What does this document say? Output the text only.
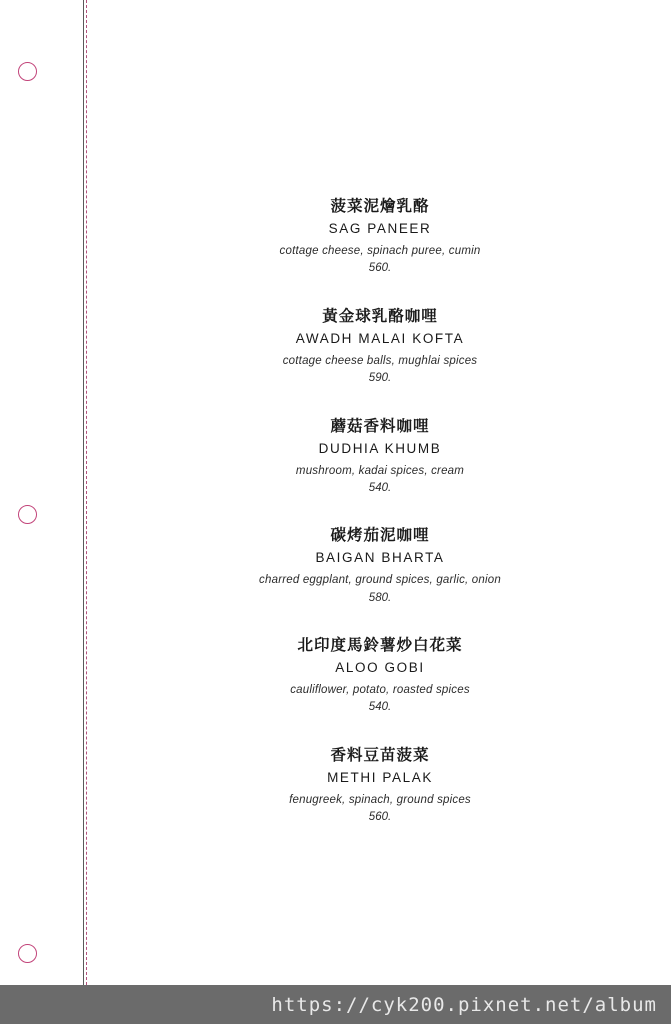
菠菜泥燴乳酪
SAG PANEER
cottage cheese, spinach puree, cumin
560.
黃金球乳酪咖哩
AWADH MALAI KOFTA
cottage cheese balls, mughlai spices
590.
蘑菇香料咖哩
DUDHIA KHUMB
mushroom, kadai spices, cream
540.
碳烤茄泥咖哩
BAIGAN BHARTA
charred eggplant, ground spices, garlic, onion
580.
北印度馬鈴薯炒白花菜
ALOO GOBI
cauliflower, potato, roasted spices
540.
香料豆苗菠菜
METHI PALAK
fenugreek, spinach, ground spices
560.
https://cyk200.pixnet.net/album
